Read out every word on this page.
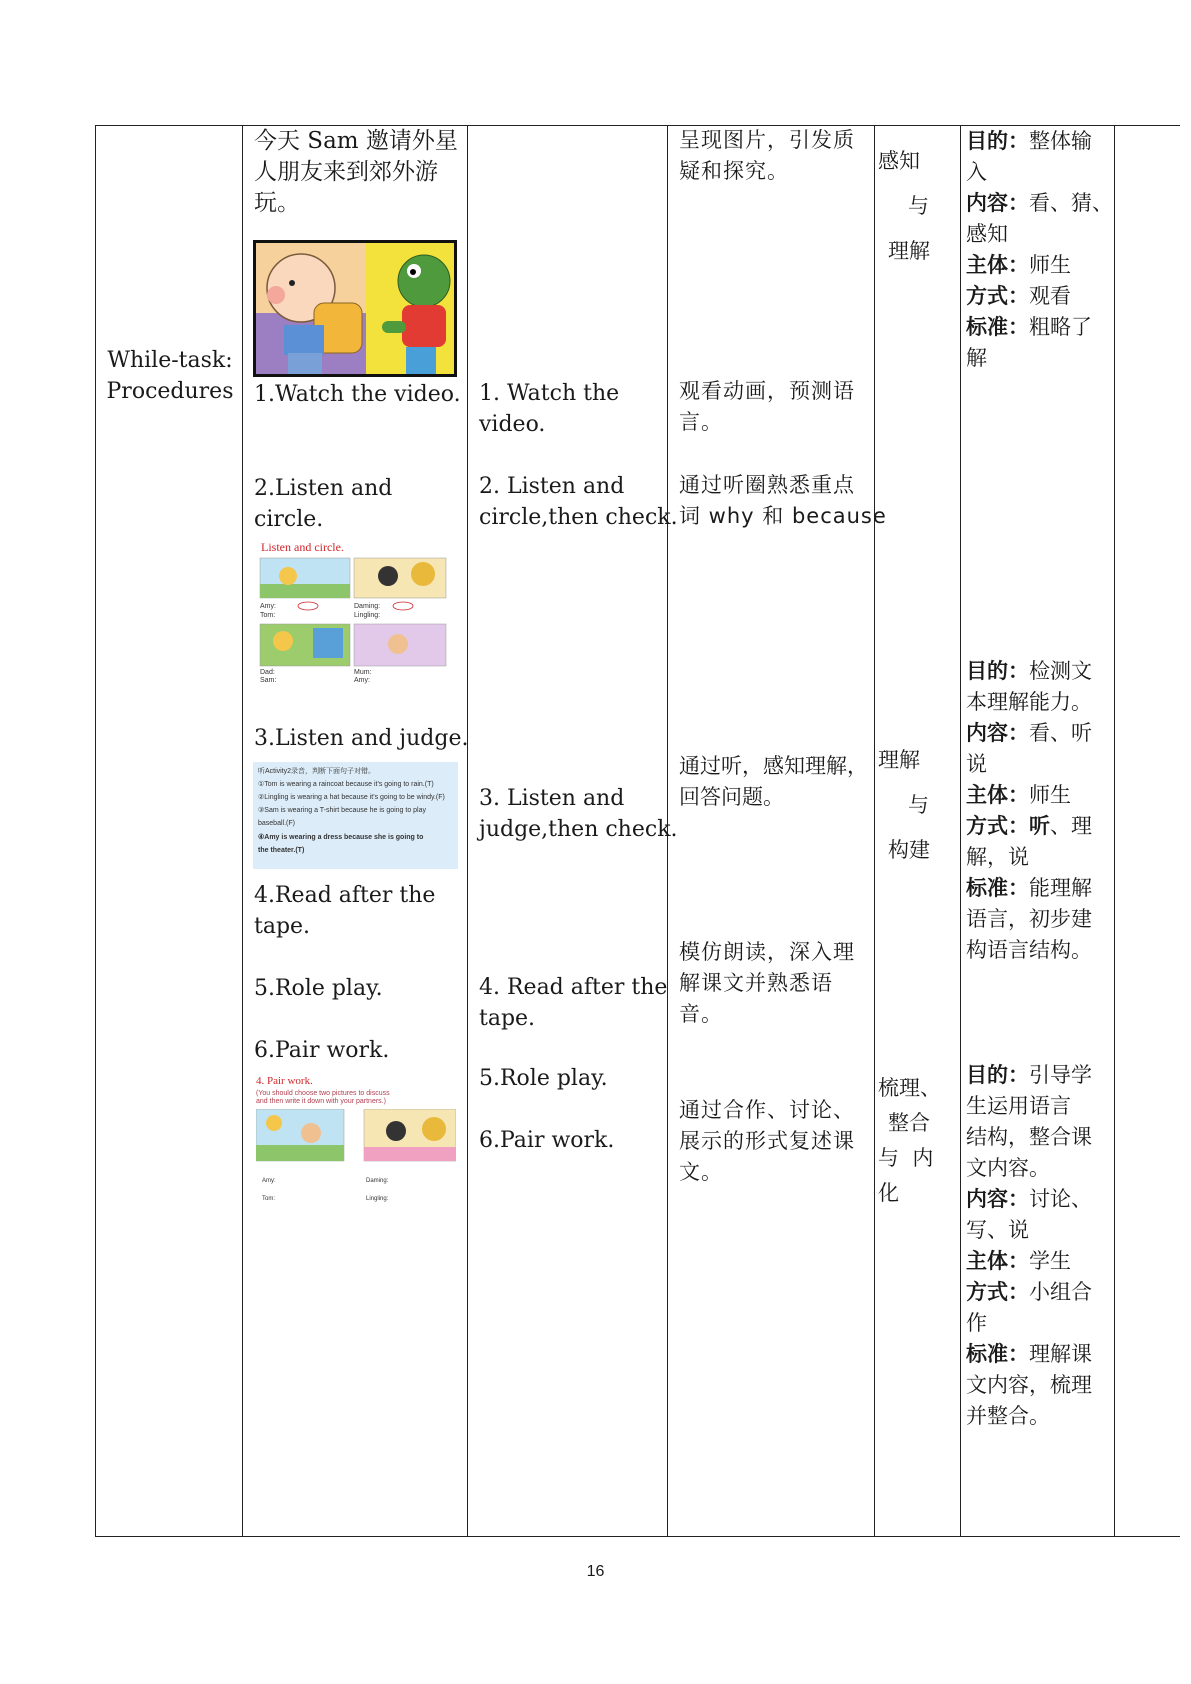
While-task:
Procedures
今天 Sam 邀请外星
人朋友来到郊外游
玩。
1.Watch the video.
2.Listen and
circle.
Listen and circle.
Amy:
Tom:
Daming:
Lingling:
Dad:
Sam:
Mum:
Amy:
3.Listen and judge.
听Activity2录音，判断下面句子对错。
①Tom is wearing a raincoat because it's going to rain.(T)
②Lingling is wearing a hat because it's going to be windy.(F)
③Sam is wearing a T-shirt because he is going to play
baseball.(F)
④Amy is wearing a dress because she is going to
the theater.(T)
4.Read after the
tape.
5.Role play.
6.Pair work.
4. Pair work.
(You should choose two pictures to discuss
and then write it down with your partners.)
Amy:	Daming:
Tom:	Lingling:
1. Watch the
video.
2. Listen and
circle,then check.
3. Listen and
judge,then check.
4. Read after the
tape.
5.Role play.
6.Pair work.
呈现图片，引发质
疑和探究。
观看动画，预测语
言。
通过听圈熟悉重点
词 why 和 because
通过听，感知理解，
回答问题。
模仿朗读，深入理
解课文并熟悉语
音。
通过合作、讨论、
展示的形式复述课
文。
感知
与
理解
理解
与
构建
梳理、
整合
与  内
化
目的：整体输
入
内容：看、猜、
感知
主体：师生
方式：观看
标准：粗略了
解
目的：检测文
本理解能力。
内容：看、听
说
主体：师生
方式：听、理
解，说
标准：能理解
语言，初步建
构语言结构。
目的：引导学
生运用语言
结构，整合课
文内容。
内容：讨论、
写、说
主体：学生
方式：小组合
作
标准：理解课
文内容，梳理
并整合。
16
